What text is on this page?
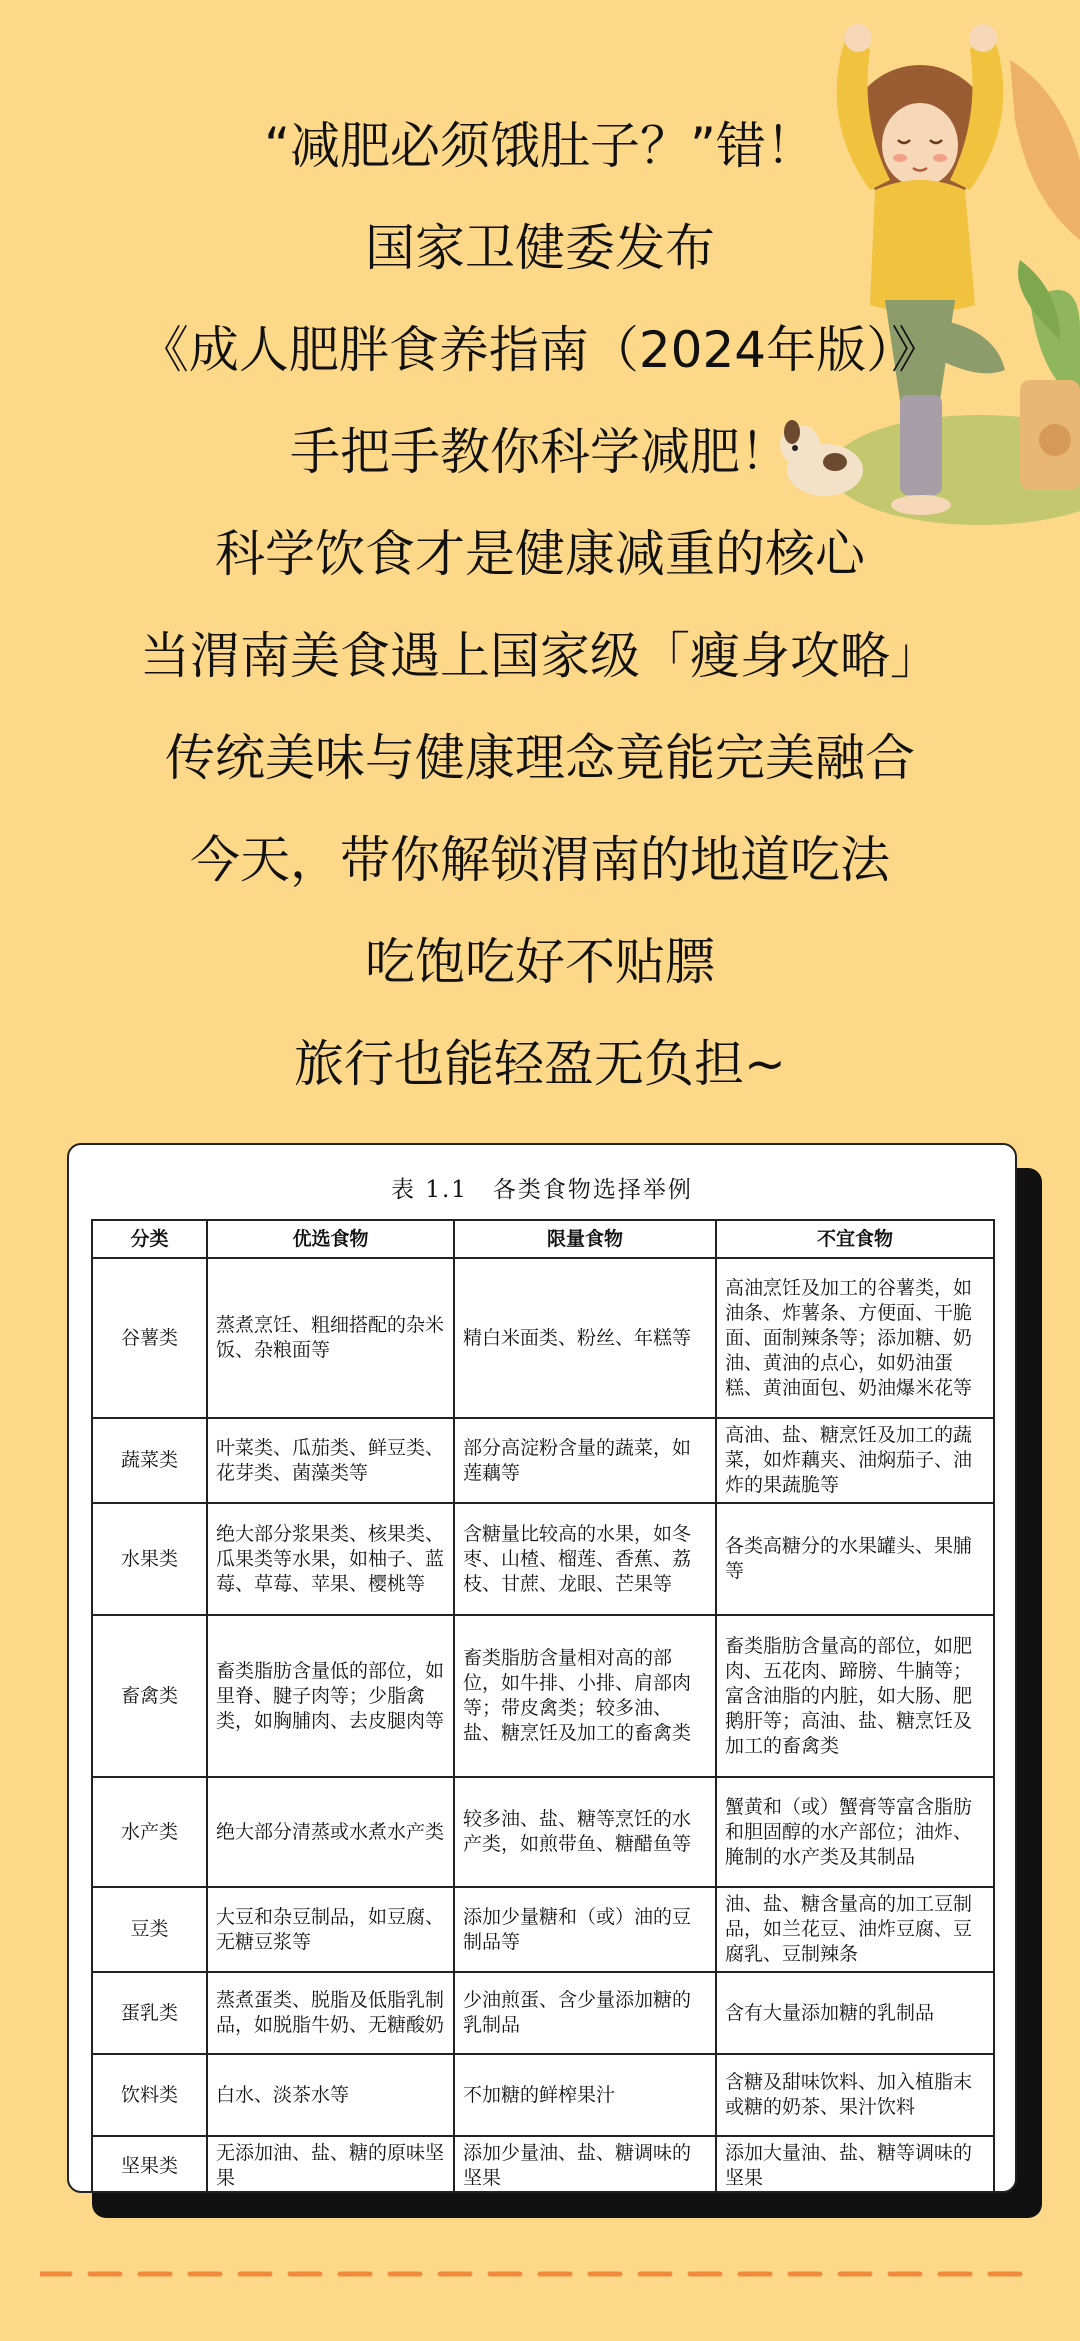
“减肥必须饿肚子？”错！
国家卫健委发布
《成人肥胖食养指南（2024年版）》
手把手教你科学减肥！
科学饮食才是健康减重的核心
当渭南美食遇上国家级「瘦身攻略」
传统美味与健康理念竟能完美融合
今天，带你解锁渭南的地道吃法
吃饱吃好不贴膘
旅行也能轻盈无负担~
表 1.1　各类食物选择举例
分类	优选食物	限量食物	不宜食物
谷薯类	蒸煮烹饪、粗细搭配的杂米饭、杂粮面等	精白米面类、粉丝、年糕等	高油烹饪及加工的谷薯类，如油条、炸薯条、方便面、干脆面、面制辣条等；添加糖、奶油、黄油的点心，如奶油蛋糕、黄油面包、奶油爆米花等
蔬菜类	叶菜类、瓜茄类、鲜豆类、花芽类、菌藻类等	部分高淀粉含量的蔬菜，如莲藕等	高油、盐、糖烹饪及加工的蔬菜，如炸藕夹、油焖茄子、油炸的果蔬脆等
水果类	绝大部分浆果类、核果类、瓜果类等水果，如柚子、蓝莓、草莓、苹果、樱桃等	含糖量比较高的水果，如冬枣、山楂、榴莲、香蕉、荔枝、甘蔗、龙眼、芒果等	各类高糖分的水果罐头、果脯等
畜禽类	畜类脂肪含量低的部位，如里脊、腱子肉等；少脂禽类，如胸脯肉、去皮腿肉等	畜类脂肪含量相对高的部位，如牛排、小排、肩部肉等；带皮禽类；较多油、盐、糖烹饪及加工的畜禽类	畜类脂肪含量高的部位，如肥肉、五花肉、蹄膀、牛腩等；富含油脂的内脏，如大肠、肥鹅肝等；高油、盐、糖烹饪及加工的畜禽类
水产类	绝大部分清蒸或水煮水产类	较多油、盐、糖等烹饪的水产类，如煎带鱼、糖醋鱼等	蟹黄和（或）蟹膏等富含脂肪和胆固醇的水产部位；油炸、腌制的水产类及其制品
豆类	大豆和杂豆制品，如豆腐、无糖豆浆等	添加少量糖和（或）油的豆制品等	油、盐、糖含量高的加工豆制品，如兰花豆、油炸豆腐、豆腐乳、豆制辣条
蛋乳类	蒸煮蛋类、脱脂及低脂乳制品，如脱脂牛奶、无糖酸奶	少油煎蛋、含少量添加糖的乳制品	含有大量添加糖的乳制品
饮料类	白水、淡茶水等	不加糖的鲜榨果汁	含糖及甜味饮料、加入植脂末或糖的奶茶、果汁饮料
坚果类	无添加油、盐、糖的原味坚果	添加少量油、盐、糖调味的坚果	添加大量油、盐、糖等调味的坚果
